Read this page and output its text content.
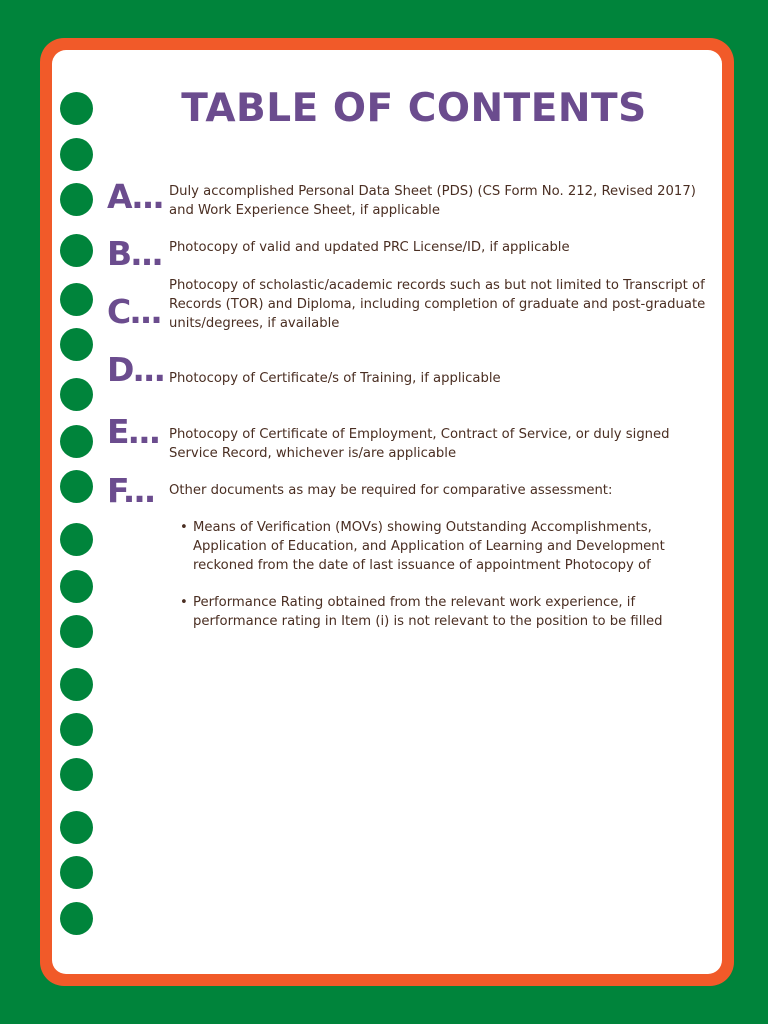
TABLE OF CONTENTS
A... Duly accomplished Personal Data Sheet (PDS) (CS Form No. 212, Revised 2017) and Work Experience Sheet, if applicable
B... Photocopy of valid and updated PRC License/ID, if applicable
C...
Photocopy of scholastic/academic records such as but not limited to Transcript of Records (TOR) and Diploma, including completion of graduate and post-graduate units/degrees, if available
D... Photocopy of Certificate/s of Training, if applicable
E... Photocopy of Certificate of Employment, Contract of Service, or duly signed Service Record, whichever is/are applicable
F... Other documents as may be required for comparative assessment:
• Means of Verification (MOVs) showing Outstanding Accomplishments, Application of Education, and Application of Learning and Development reckoned from the date of last issuance of appointment Photocopy of
• Performance Rating obtained from the relevant work experience, if performance rating in Item (i) is not relevant to the position to be filled
